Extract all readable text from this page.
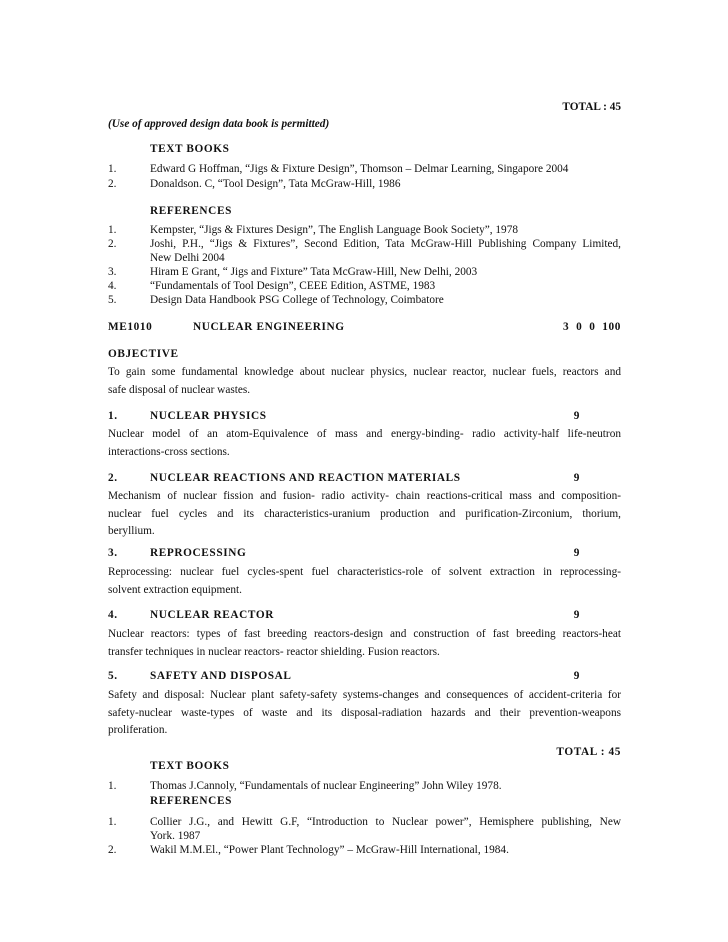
TOTAL : 45
(Use of approved design data book is permitted)
TEXT BOOKS
1.	Edward G Hoffman, “Jigs & Fixture Design”, Thomson – Delmar Learning, Singapore 2004
2.	Donaldson. C, “Tool Design”, Tata McGraw-Hill, 1986
REFERENCES
1.	Kempster, “Jigs & Fixtures Design”, The English Language Book Society”, 1978
2.	Joshi, P.H., “Jigs & Fixtures”, Second Edition, Tata McGraw-Hill Publishing Company Limited,
New Delhi 2004
3.	Hiram E Grant, “ Jigs and Fixture” Tata McGraw-Hill, New Delhi, 2003
4.	“Fundamentals of Tool Design”, CEEE Edition, ASTME, 1983
5.	Design Data Handbook PSG College of Technology, Coimbatore
ME1010	NUCLEAR ENGINEERING	3  0  0  100
OBJECTIVE
To gain some fundamental knowledge about nuclear physics, nuclear reactor, nuclear fuels, reactors and
safe disposal of nuclear wastes.
1.	NUCLEAR PHYSICS	9
Nuclear model of an atom-Equivalence of mass and energy-binding- radio activity-half life-neutron
interactions-cross sections.
2.	NUCLEAR REACTIONS AND REACTION MATERIALS	9
Mechanism of nuclear fission and fusion- radio activity- chain reactions-critical mass and composition-
nuclear fuel cycles and its characteristics-uranium production and purification-Zirconium, thorium,
beryllium.
3.	REPROCESSING	9
Reprocessing: nuclear fuel cycles-spent fuel characteristics-role of solvent extraction in reprocessing-
solvent extraction equipment.
4.	NUCLEAR REACTOR	9
Nuclear reactors: types of fast breeding reactors-design and construction of fast breeding reactors-heat
transfer techniques in nuclear reactors- reactor shielding. Fusion reactors.
5.	SAFETY AND DISPOSAL	9
Safety and disposal: Nuclear plant safety-safety systems-changes and consequences of accident-criteria for
safety-nuclear waste-types of waste and its disposal-radiation hazards and their prevention-weapons
proliferation.
TOTAL : 45
TEXT BOOKS
1.	Thomas J.Cannoly, “Fundamentals of nuclear Engineering” John Wiley 1978.
REFERENCES
1.	Collier J.G., and Hewitt G.F, “Introduction to Nuclear power”, Hemisphere publishing, New
York. 1987
2.	Wakil M.M.El., “Power Plant Technology” – McGraw-Hill International, 1984.
